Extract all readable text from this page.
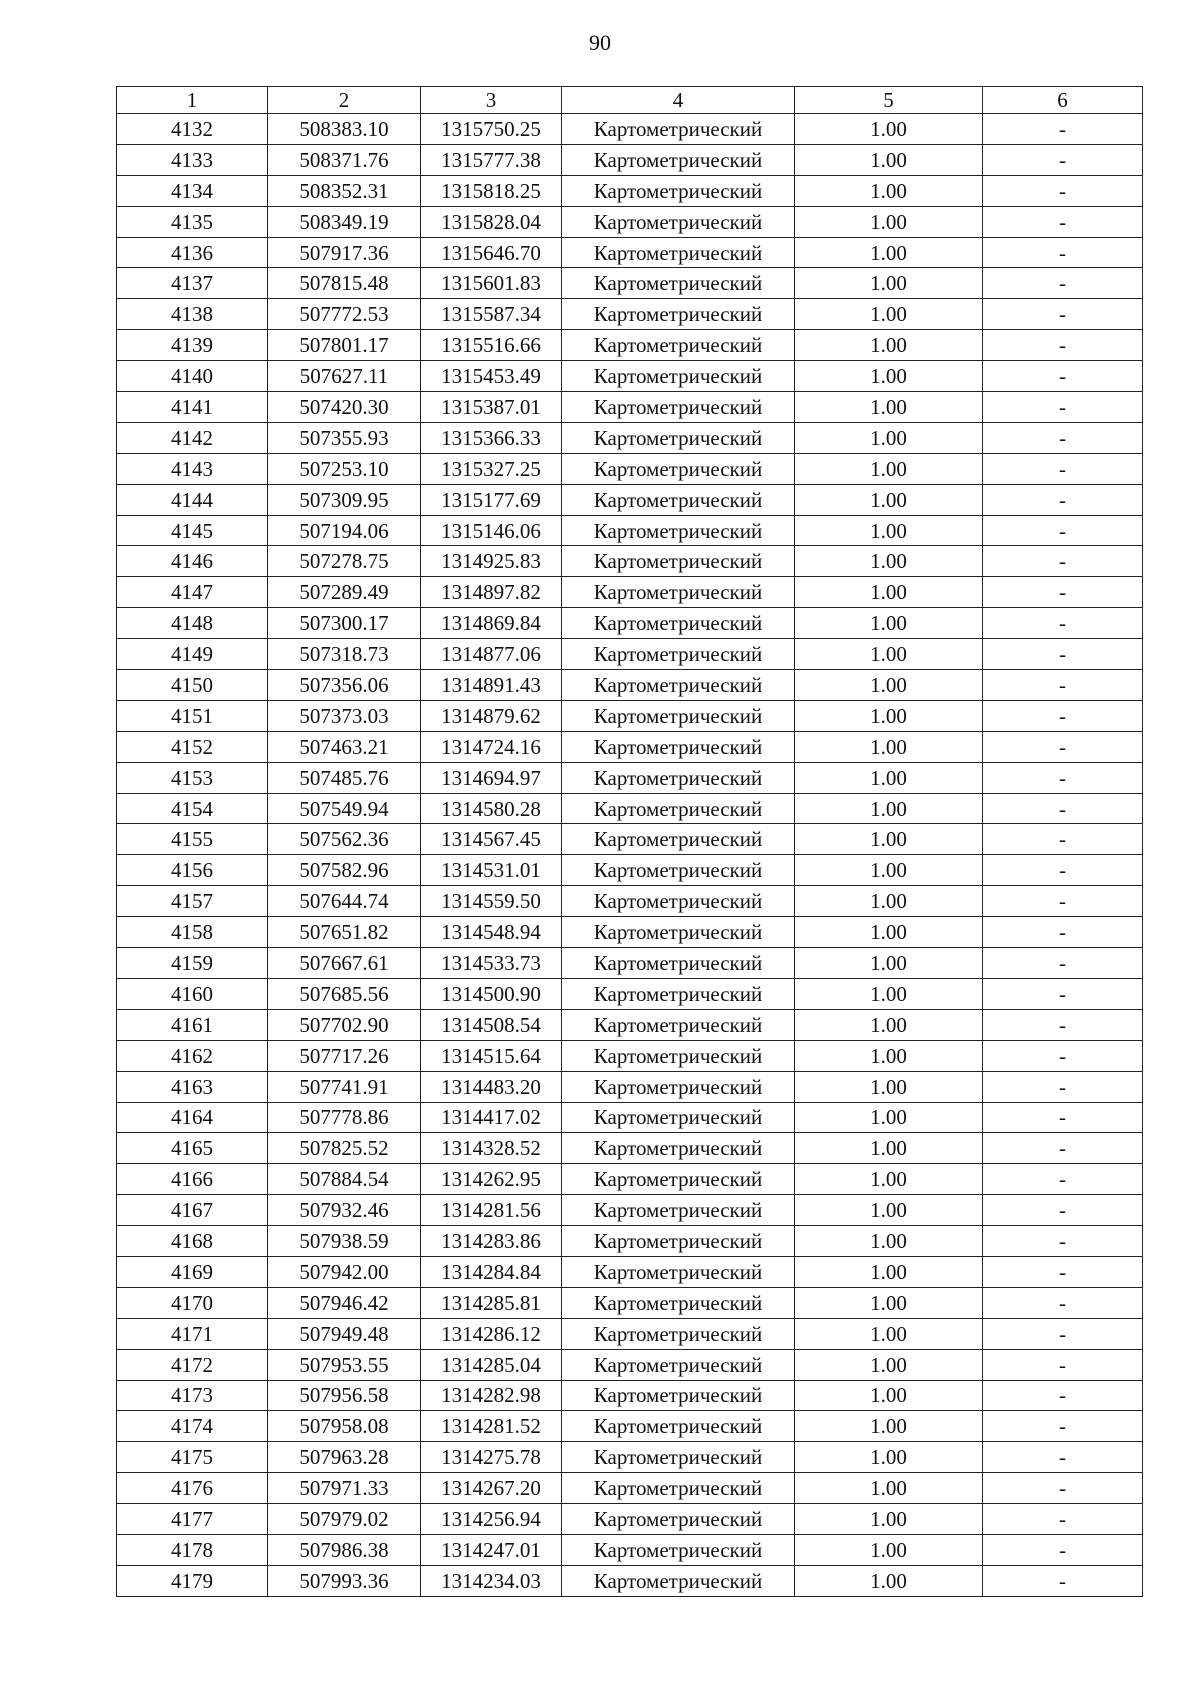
90
1	2	3	4	5	6
4132	508383.10	1315750.25	Картометрический	1.00	-
4133	508371.76	1315777.38	Картометрический	1.00	-
4134	508352.31	1315818.25	Картометрический	1.00	-
4135	508349.19	1315828.04	Картометрический	1.00	-
4136	507917.36	1315646.70	Картометрический	1.00	-
4137	507815.48	1315601.83	Картометрический	1.00	-
4138	507772.53	1315587.34	Картометрический	1.00	-
4139	507801.17	1315516.66	Картометрический	1.00	-
4140	507627.11	1315453.49	Картометрический	1.00	-
4141	507420.30	1315387.01	Картометрический	1.00	-
4142	507355.93	1315366.33	Картометрический	1.00	-
4143	507253.10	1315327.25	Картометрический	1.00	-
4144	507309.95	1315177.69	Картометрический	1.00	-
4145	507194.06	1315146.06	Картометрический	1.00	-
4146	507278.75	1314925.83	Картометрический	1.00	-
4147	507289.49	1314897.82	Картометрический	1.00	-
4148	507300.17	1314869.84	Картометрический	1.00	-
4149	507318.73	1314877.06	Картометрический	1.00	-
4150	507356.06	1314891.43	Картометрический	1.00	-
4151	507373.03	1314879.62	Картометрический	1.00	-
4152	507463.21	1314724.16	Картометрический	1.00	-
4153	507485.76	1314694.97	Картометрический	1.00	-
4154	507549.94	1314580.28	Картометрический	1.00	-
4155	507562.36	1314567.45	Картометрический	1.00	-
4156	507582.96	1314531.01	Картометрический	1.00	-
4157	507644.74	1314559.50	Картометрический	1.00	-
4158	507651.82	1314548.94	Картометрический	1.00	-
4159	507667.61	1314533.73	Картометрический	1.00	-
4160	507685.56	1314500.90	Картометрический	1.00	-
4161	507702.90	1314508.54	Картометрический	1.00	-
4162	507717.26	1314515.64	Картометрический	1.00	-
4163	507741.91	1314483.20	Картометрический	1.00	-
4164	507778.86	1314417.02	Картометрический	1.00	-
4165	507825.52	1314328.52	Картометрический	1.00	-
4166	507884.54	1314262.95	Картометрический	1.00	-
4167	507932.46	1314281.56	Картометрический	1.00	-
4168	507938.59	1314283.86	Картометрический	1.00	-
4169	507942.00	1314284.84	Картометрический	1.00	-
4170	507946.42	1314285.81	Картометрический	1.00	-
4171	507949.48	1314286.12	Картометрический	1.00	-
4172	507953.55	1314285.04	Картометрический	1.00	-
4173	507956.58	1314282.98	Картометрический	1.00	-
4174	507958.08	1314281.52	Картометрический	1.00	-
4175	507963.28	1314275.78	Картометрический	1.00	-
4176	507971.33	1314267.20	Картометрический	1.00	-
4177	507979.02	1314256.94	Картометрический	1.00	-
4178	507986.38	1314247.01	Картометрический	1.00	-
4179	507993.36	1314234.03	Картометрический	1.00	-
